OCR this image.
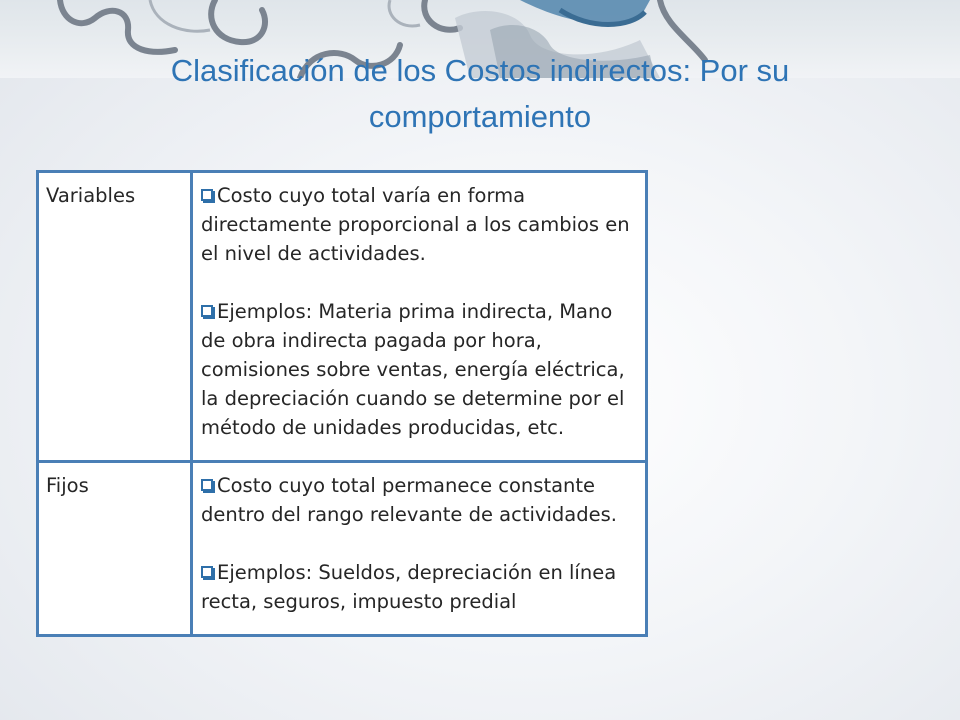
Clasificación de los Costos indirectos: Por su comportamiento
Variables	Costo cuyo total varía en forma directamente proporcional a los cambios en el nivel de actividades.

Ejemplos: Materia prima indirecta, Mano de obra indirecta pagada por hora, comisiones sobre ventas, energía eléctrica, la depreciación cuando se determine por el método de unidades producidas, etc.

Fijos	Costo cuyo total permanece constante dentro del rango relevante de actividades.

Ejemplos: Sueldos, depreciación en línea recta, seguros, impuesto predial
